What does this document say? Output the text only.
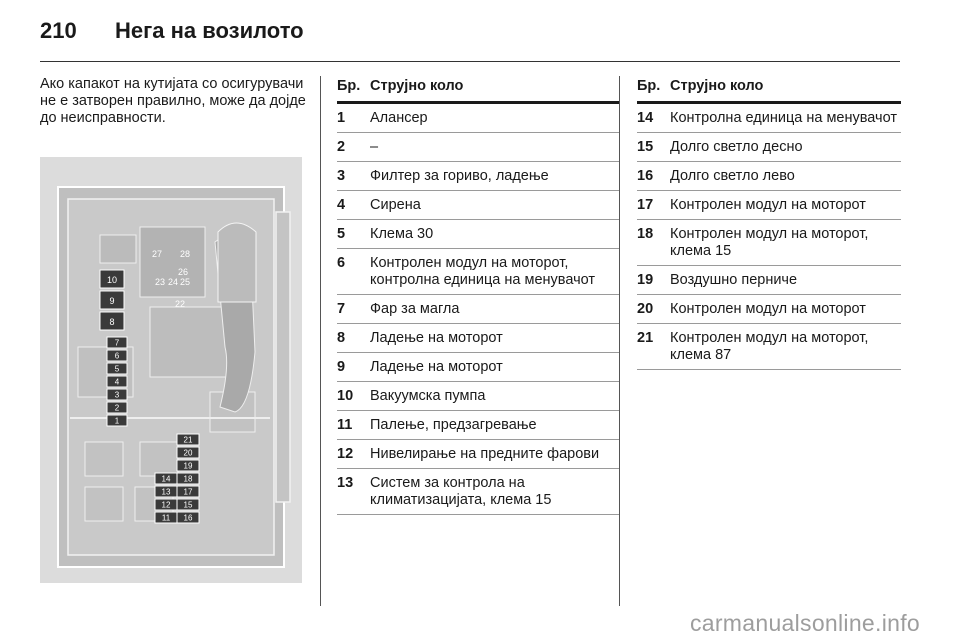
210	Нега на возилото
Ако капакот на кутијата со осигурувачи не е затворен правилно, може да дојде до неисправности.
10
9
8
7
6
5
4
3
2
1
21
20
19
14 18
13 17
12 15
11 16
22
23 24 25
26
27 28
Бр. Струјно коло
1	Алансер
2	–
3	Филтер за гориво, ладење
4	Сирена
5	Клема 30
6	Контролен модул на моторот, контролна единица на менувачот
7	Фар за магла
8	Ладење на моторот
9	Ладење на моторот
10	Вакуумска пумпа
11	Палење, предзагревање
12	Нивелирање на предните фарови
13	Систем за контрола на климатизацијата, клема 15
Бр. Струјно коло
14	Контролна единица на менувачот
15	Долго светло десно
16	Долго светло лево
17	Контролен модул на моторот
18	Контролен модул на моторот, клема 15
19	Воздушно перниче
20	Контролен модул на моторот
21	Контролен модул на моторот, клема 87
carmanualsonline.info
